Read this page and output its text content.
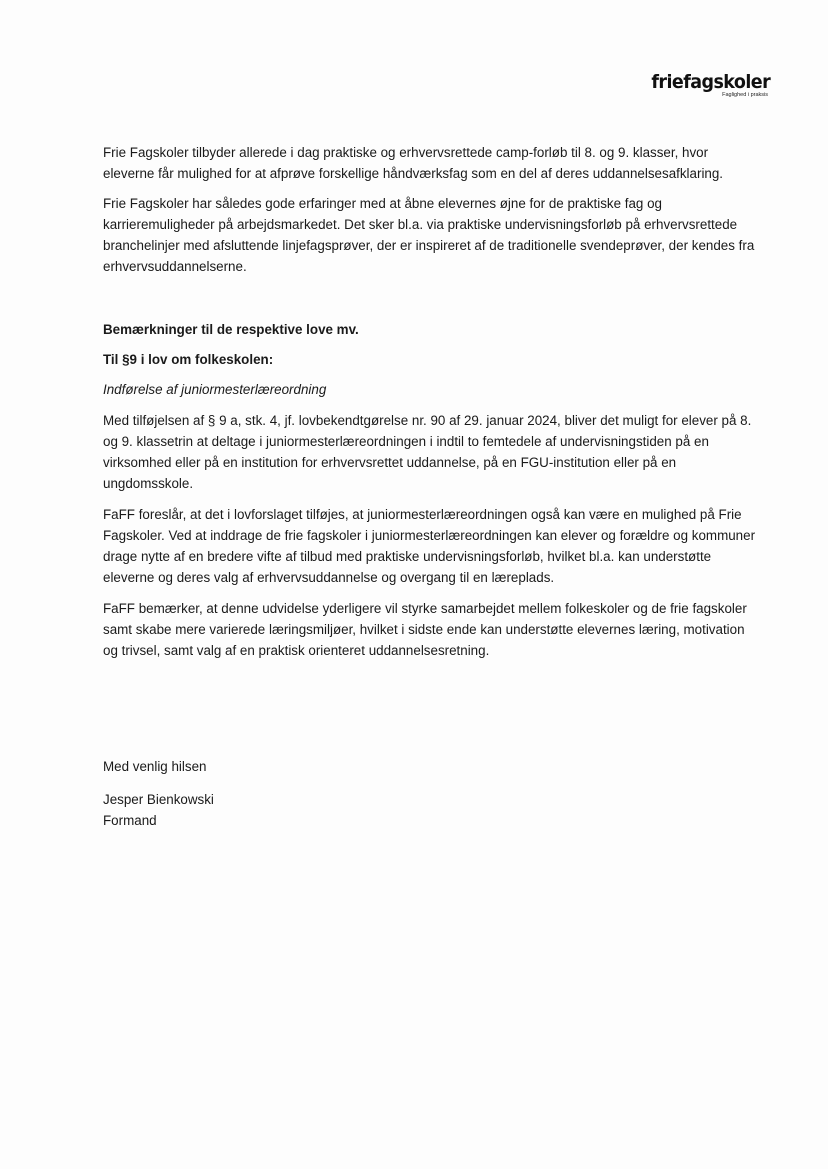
friefagskoler
Faglighed i praksis

Frie Fagskoler tilbyder allerede i dag praktiske og erhvervsrettede camp-forløb til 8. og 9. klasser, hvor eleverne får mulighed for at afprøve forskellige håndværksfag som en del af deres uddannelsesafklaring.

Frie Fagskoler har således gode erfaringer med at åbne elevernes øjne for de praktiske fag og karrieremuligheder på arbejdsmarkedet. Det sker bl.a. via praktiske undervisningsforløb på erhvervsrettede branchelinjer med afsluttende linjefagsprøver, der er inspireret af de traditionelle svendeprøver, der kendes fra erhvervsuddannelserne.

Bemærkninger til de respektive love mv.

Til §9 i lov om folkeskolen:

Indførelse af juniormesterlæreordning

Med tilføjelsen af § 9 a, stk. 4, jf. lovbekendtgørelse nr. 90 af 29. januar 2024, bliver det muligt for elever på 8. og 9. klassetrin at deltage i juniormesterlæreordningen i indtil to femtedele af undervisningstiden på en virksomhed eller på en institution for erhvervsrettet uddannelse, på en FGU-institution eller på en ungdomsskole.

FaFF foreslår, at det i lovforslaget tilføjes, at juniormesterlæreordningen også kan være en mulighed på Frie Fagskoler. Ved at inddrage de frie fagskoler i juniormesterlæreordningen kan elever og forældre og kommuner drage nytte af en bredere vifte af tilbud med praktiske undervisningsforløb, hvilket bl.a. kan understøtte eleverne og deres valg af erhvervsuddannelse og overgang til en læreplads.

FaFF bemærker, at denne udvidelse yderligere vil styrke samarbejdet mellem folkeskoler og de frie fagskoler samt skabe mere varierede læringsmiljøer, hvilket i sidste ende kan understøtte elevernes læring, motivation og trivsel, samt valg af en praktisk orienteret uddannelsesretning.

Med venlig hilsen
Jesper Bienkowski
Formand
